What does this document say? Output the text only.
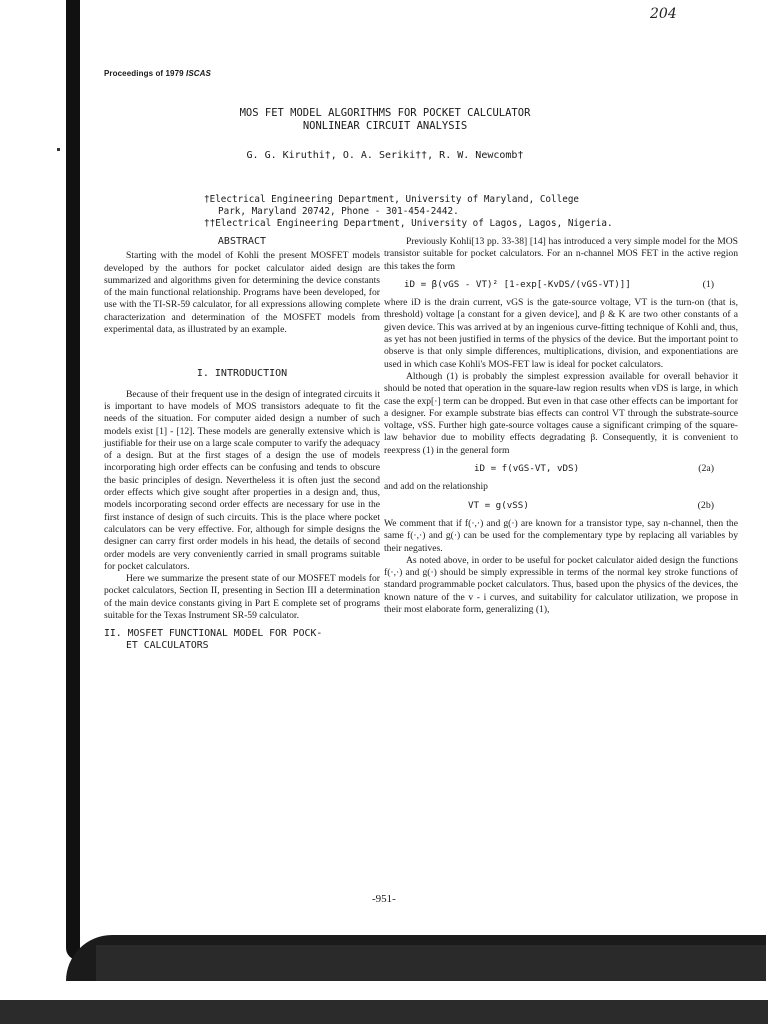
204
Proceedings of 1979 ISCAS
MOS FET MODEL ALGORITHMS FOR POCKET CALCULATOR
NONLINEAR CIRCUIT ANALYSIS
G. G. Kiruthi†, O. A. Seriki††, R. W. Newcomb†
†Electrical Engineering Department, University of Maryland, College
Park, Maryland 20742, Phone - 301-454-2442.
††Electrical Engineering Department, University of Lagos, Lagos, Nigeria.
ABSTRACT

Starting with the model of Kohli the present MOSFET models developed by the authors for pocket calculator aided design are summarized and algorithms given for determining the device constants of the main functional relationship. Programs have been developed, for use with the TI-SR-59 calculator, for all expressions allowing complete characterization and determination of the MOSFET models from experimental data, as illustrated by an example.

I. INTRODUCTION

Because of their frequent use in the design of integrated circuits it is important to have models of MOS transistors adequate to fit the needs of the situation. For computer aided design a number of such models exist [1] - [12]. These models are generally extensive which is justifiable for their use on a large scale computer to varify the adequacy of a design. But at the first stages of a design the use of models incorporating high order effects can be confusing and tends to obscure the basic principles of design. Nevertheless it is often just the second order effects which give sought after properties in a design and, thus, models incorporating second order effects are necessary for use in the first instance of design of such circuits. This is the place where pocket calculators can be very effective. For, although for simple designs the designer can carry first order models in his head, the details of second order models are very conveniently carried in small programs suitable for pocket calculators.

Here we summarize the present state of our MOSFET models for pocket calculators, Section II, presenting in Section III a determination of the main device constants giving in Part E complete set of programs suitable for the Texas Instrument SR-59 calculator.

II. MOSFET FUNCTIONAL MODEL FOR POCK-
ET CALCULATORS

Previously Kohli[13 pp. 33-38] [14] has introduced a very simple model for the MOS transistor suitable for pocket calculators. For an n-channel MOS FET in the active region this takes the form

iD = β(vGS - VT)² [1-exp[-KvDS/(vGS-VT)]]	(1)

where iD is the drain current, vGS is the gate-source voltage, VT is the turn-on (that is, threshold) voltage [a constant for a given device], and β & K are two other constants of a given device. This was arrived at by an ingenious curve-fitting technique of Kohli and, thus, as yet has not been justified in terms of the physics of the device. But the important point to observe is that only simple differences, multiplications, division, and exponentiations are used in which case Kohli's MOS-FET law is ideal for pocket calculators.

Although (1) is probably the simplest expression available for overall behavior it should be noted that operation in the square-law region results when vDS is large, in which case the exp[·] term can be dropped. But even in that case other effects can be important for a designer. For example substrate bias effects can control VT through the substrate-source voltage, vSS. Further high gate-source voltages cause a significant crimping of the square-law behavior due to mobility effects degradating β. Consequently, it is convenient to reexpress (1) in the general form

iD = f(vGS-VT, vDS)	(2a)

and add on the relationship

VT = g(vSS)	(2b)

We comment that if f(·,·) and g(·) are known for a transistor type, say n-channel, then the same f(·,·) and g(·) can be used for the complementary type by replacing all variables by their negatives.

As noted above, in order to be useful for pocket calculator aided design the functions f(·,·) and g(·) should be simply expressible in terms of the normal key stroke functions of standard programmable pocket calculators. Thus, based upon the physics of the devices, the known nature of the v - i curves, and suitability for calculator utilization, we propose in their most elaborate form, generalizing (1),

-951-
